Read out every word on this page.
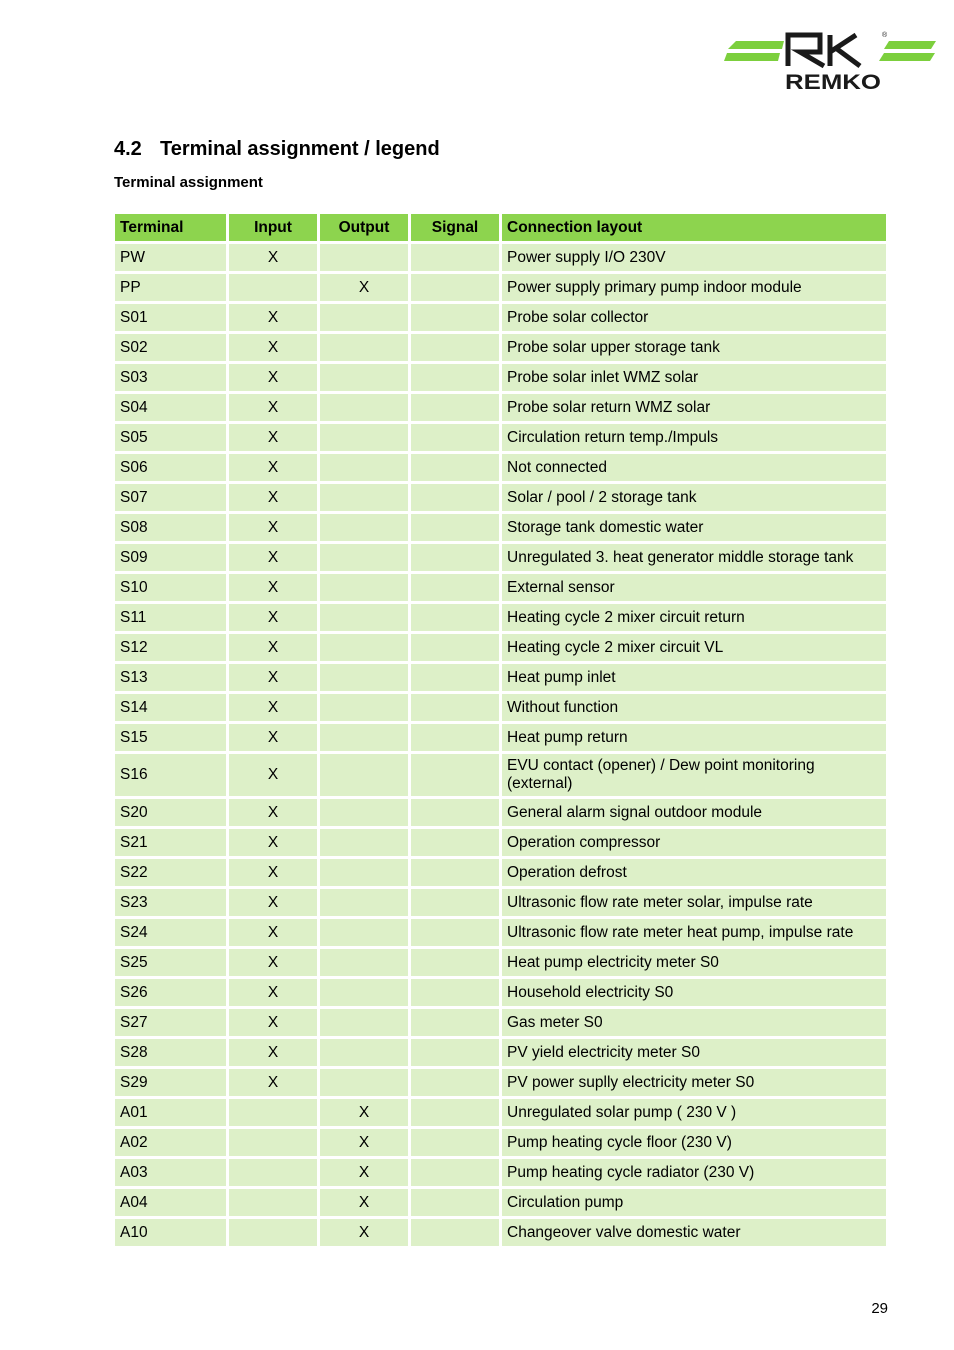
®
REMKO
4.2 Terminal assignment / legend

Terminal assignment

Terminal	Input	Output	Signal	Connection layout
PW	X			Power supply I/O 230V
PP		X		Power supply primary pump indoor module
S01	X			Probe solar collector
S02	X			Probe solar upper storage tank
S03	X			Probe solar inlet WMZ solar
S04	X			Probe solar return WMZ solar
S05	X			Circulation return temp./Impuls
S06	X			Not connected
S07	X			Solar / pool / 2 storage tank
S08	X			Storage tank domestic water
S09	X			Unregulated 3. heat generator middle storage tank
S10	X			External sensor
S11	X			Heating cycle 2 mixer circuit return
S12	X			Heating cycle 2 mixer circuit VL
S13	X			Heat pump inlet
S14	X			Without function
S15	X			Heat pump return
S16	X			EVU contact (opener) / Dew point monitoring (external)
S20	X			General alarm signal outdoor module
S21	X			Operation compressor
S22	X			Operation defrost
S23	X			Ultrasonic flow rate meter solar, impulse rate
S24	X			Ultrasonic flow rate meter heat pump, impulse rate
S25	X			Heat pump electricity meter S0
S26	X			Household electricity S0
S27	X			Gas meter S0
S28	X			PV yield electricity meter S0
S29	X			PV power suplly electricity meter S0
A01		X		Unregulated solar pump ( 230 V )
A02		X		Pump heating cycle floor (230 V)
A03		X		Pump heating cycle radiator (230 V)
A04		X		Circulation pump
A10		X		Changeover valve domestic water
29
